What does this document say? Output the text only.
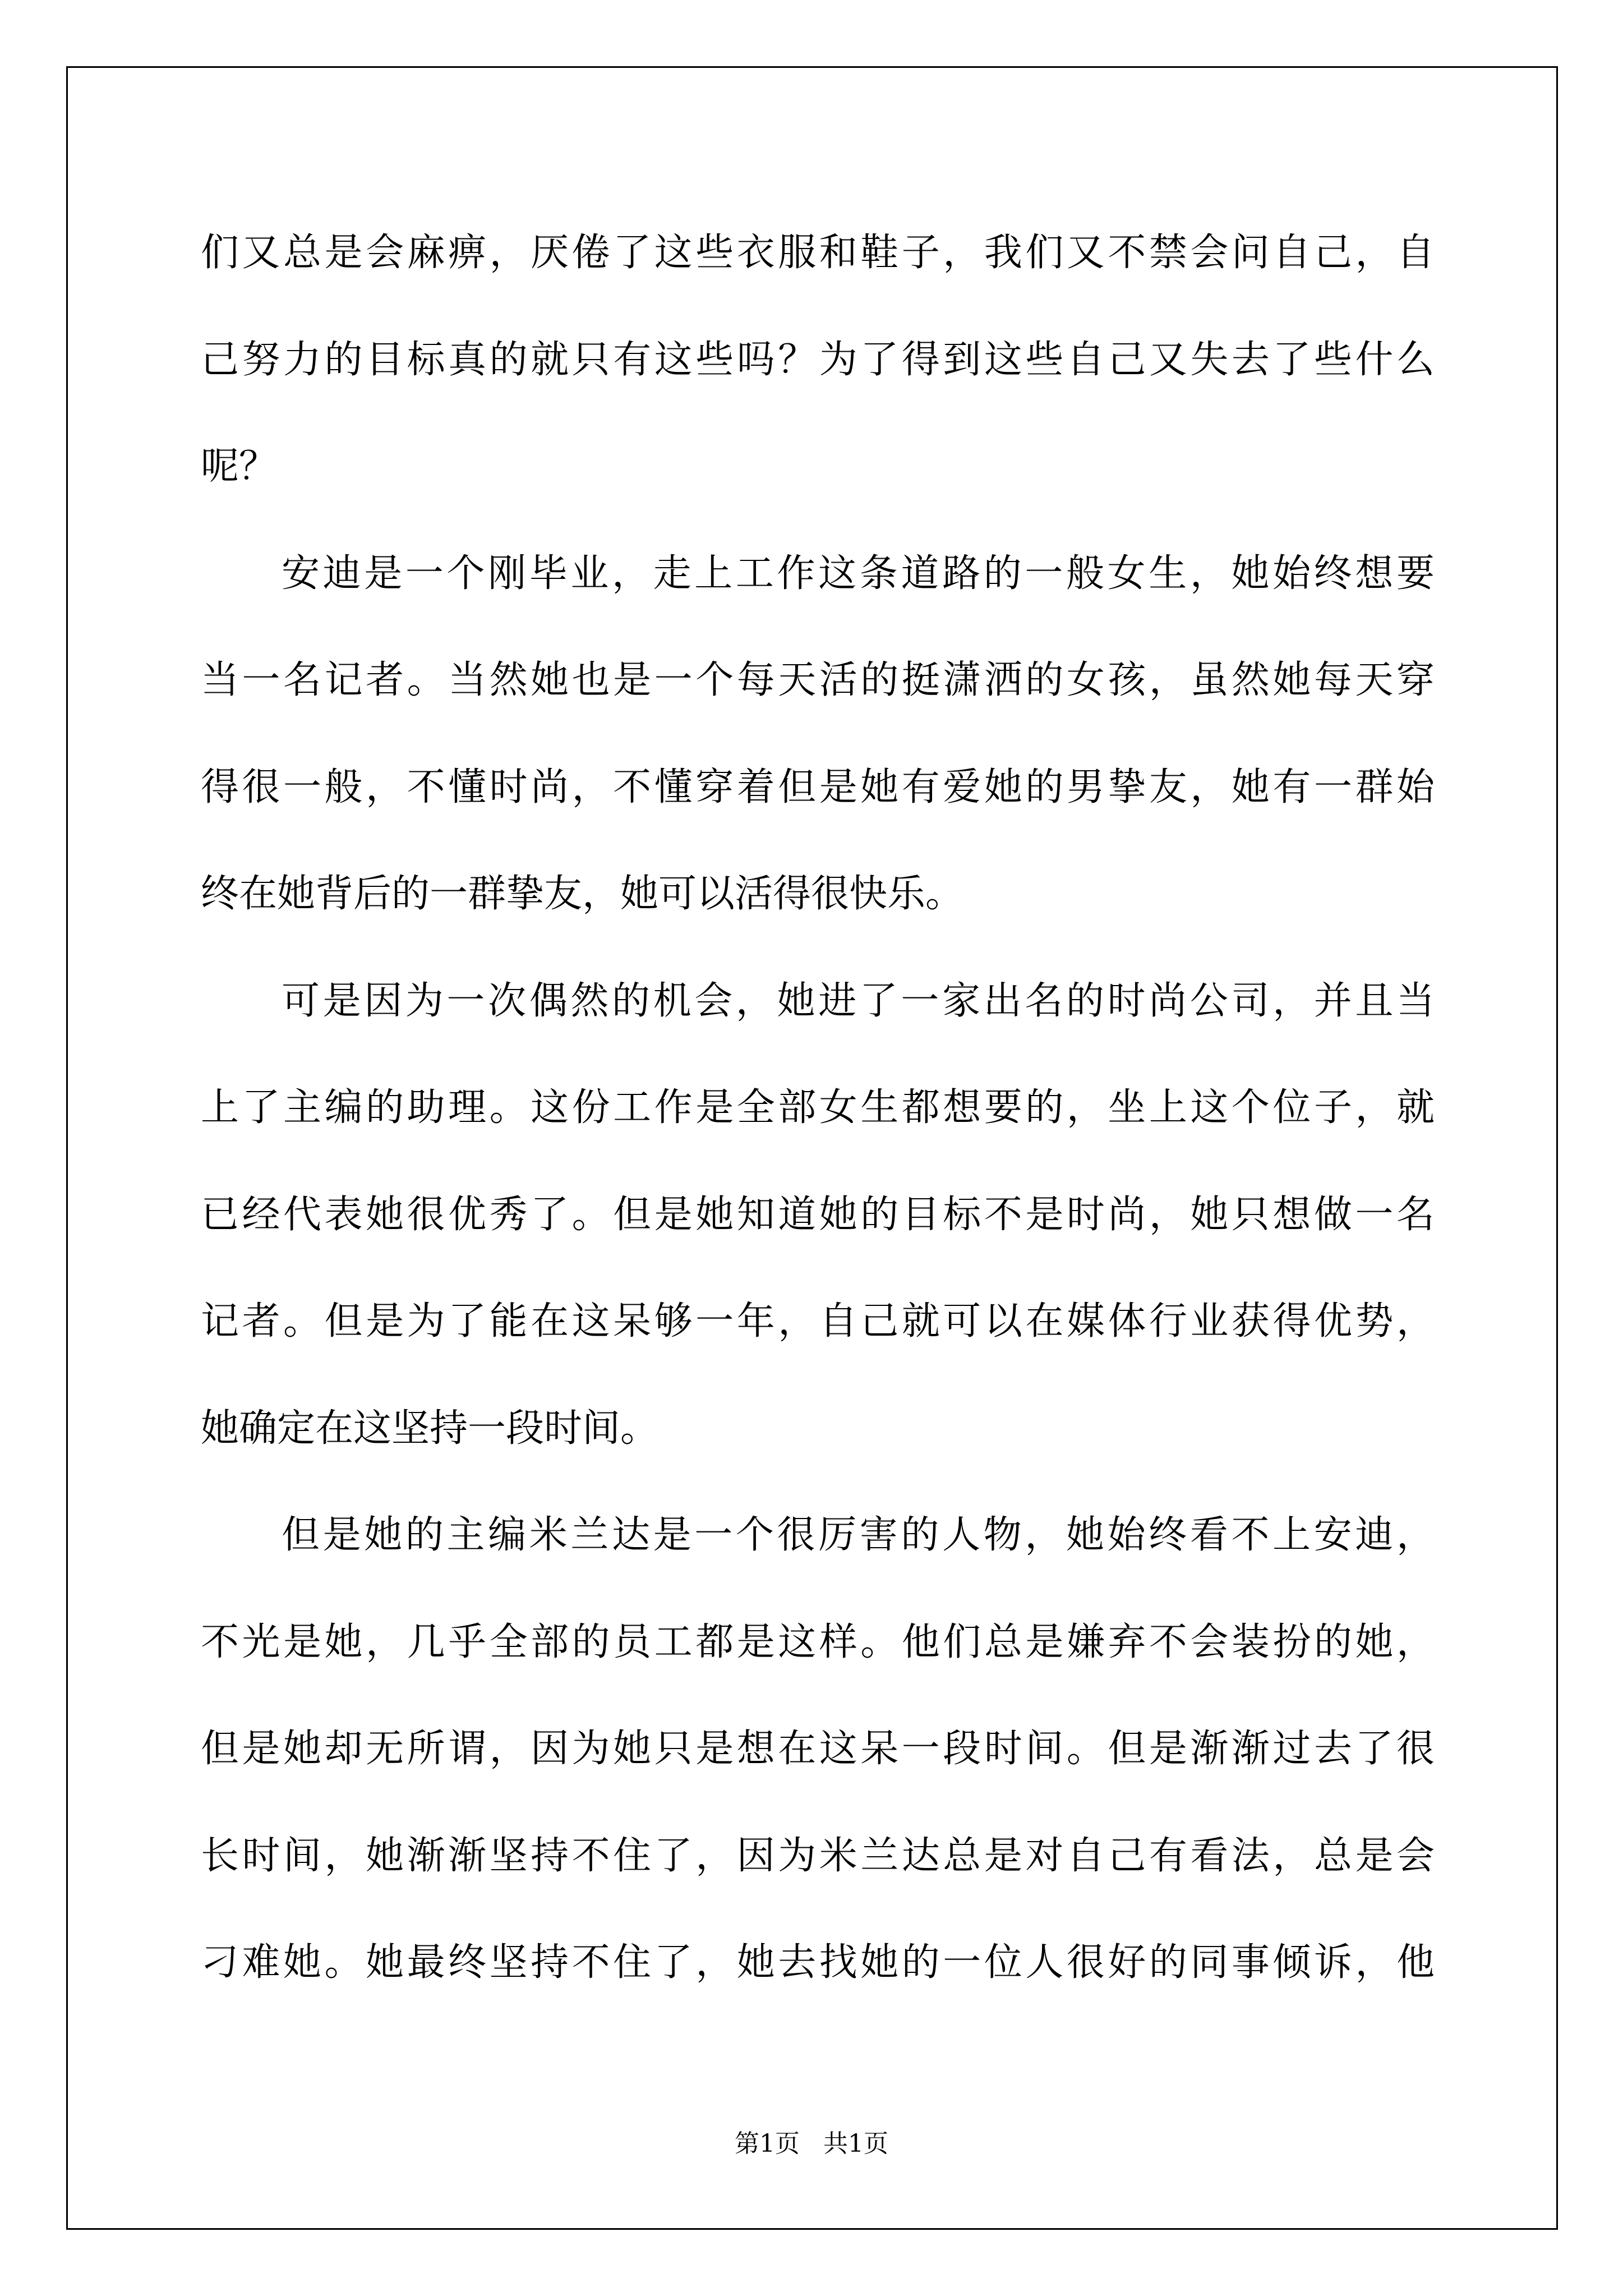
们又总是会麻痹，厌倦了这些衣服和鞋子，我们又不禁会问自己，自
己努力的目标真的就只有这些吗？为了得到这些自己又失去了些什么
呢？
安迪是一个刚毕业，走上工作这条道路的一般女生，她始终想要
当一名记者。当然她也是一个每天活的挺潇洒的女孩，虽然她每天穿
得很一般，不懂时尚，不懂穿着但是她有爱她的男挚友，她有一群始
终在她背后的一群挚友，她可以活得很快乐。
可是因为一次偶然的机会，她进了一家出名的时尚公司，并且当
上了主编的助理。这份工作是全部女生都想要的，坐上这个位子，就
已经代表她很优秀了。但是她知道她的目标不是时尚，她只想做一名
记者。但是为了能在这呆够一年，自己就可以在媒体行业获得优势，
她确定在这坚持一段时间。
但是她的主编米兰达是一个很厉害的人物，她始终看不上安迪，
不光是她，几乎全部的员工都是这样。他们总是嫌弃不会装扮的她，
但是她却无所谓，因为她只是想在这呆一段时间。但是渐渐过去了很
长时间，她渐渐坚持不住了，因为米兰达总是对自己有看法，总是会
刁难她。她最终坚持不住了，她去找她的一位人很好的同事倾诉，他
第1页   共1页
